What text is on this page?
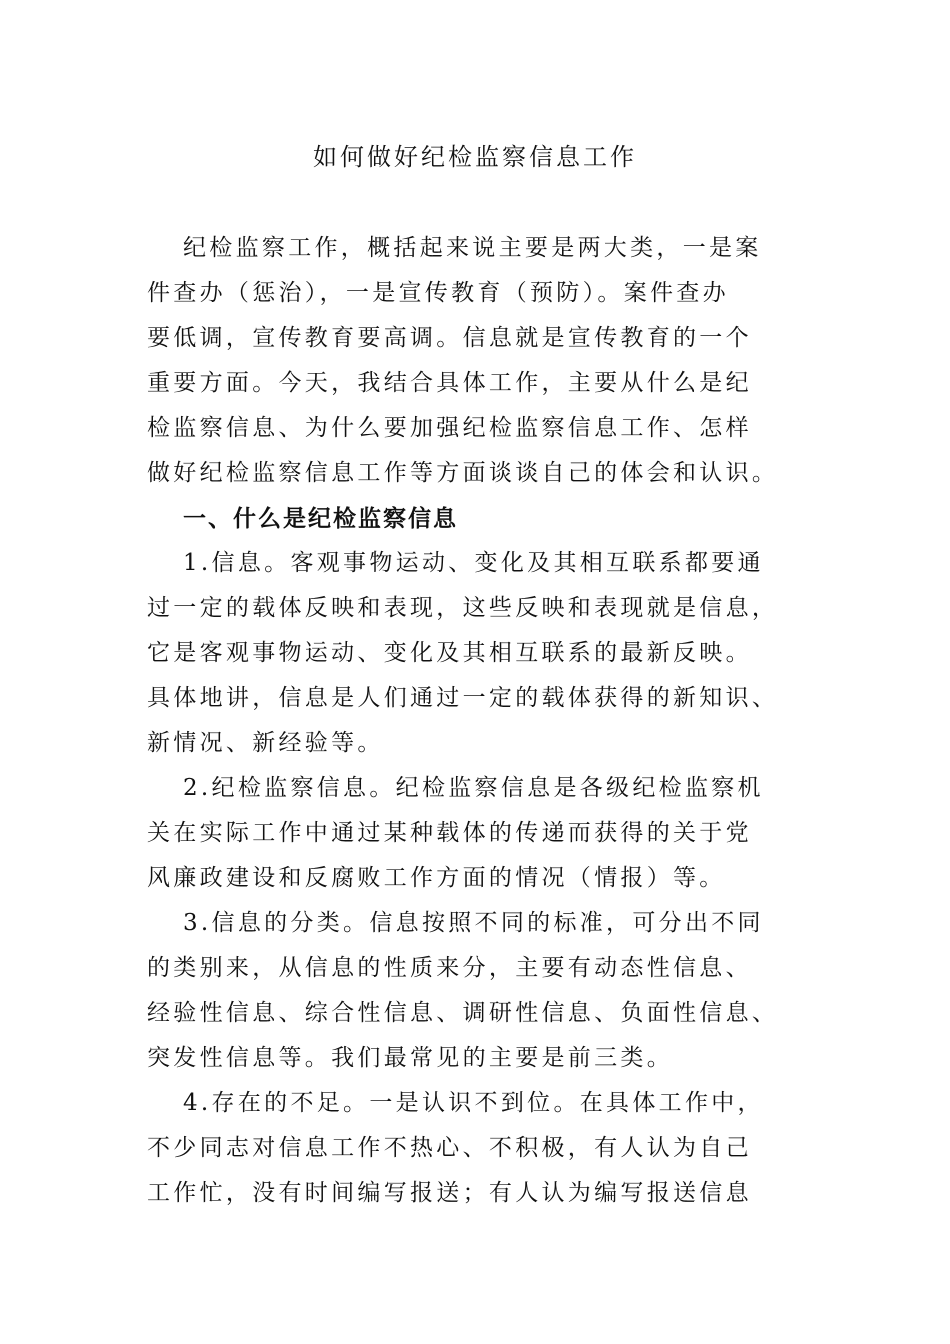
如何做好纪检监察信息工作
纪检监察工作，概括起来说主要是两大类，一是案
件查办（惩治），一是宣传教育（预防）。案件查办
要低调，宣传教育要高调。信息就是宣传教育的一个
重要方面。今天，我结合具体工作，主要从什么是纪
检监察信息、为什么要加强纪检监察信息工作、怎样
做好纪检监察信息工作等方面谈谈自己的体会和认识。
一、什么是纪检监察信息
1.信息。客观事物运动、变化及其相互联系都要通
过一定的载体反映和表现，这些反映和表现就是信息，
它是客观事物运动、变化及其相互联系的最新反映。
具体地讲，信息是人们通过一定的载体获得的新知识、
新情况、新经验等。
2.纪检监察信息。纪检监察信息是各级纪检监察机
关在实际工作中通过某种载体的传递而获得的关于党
风廉政建设和反腐败工作方面的情况（情报）等。
3.信息的分类。信息按照不同的标准，可分出不同
的类别来，从信息的性质来分，主要有动态性信息、
经验性信息、综合性信息、调研性信息、负面性信息、
突发性信息等。我们最常见的主要是前三类。
4.存在的不足。一是认识不到位。在具体工作中，
不少同志对信息工作不热心、不积极，有人认为自己
工作忙，没有时间编写报送；有人认为编写报送信息
